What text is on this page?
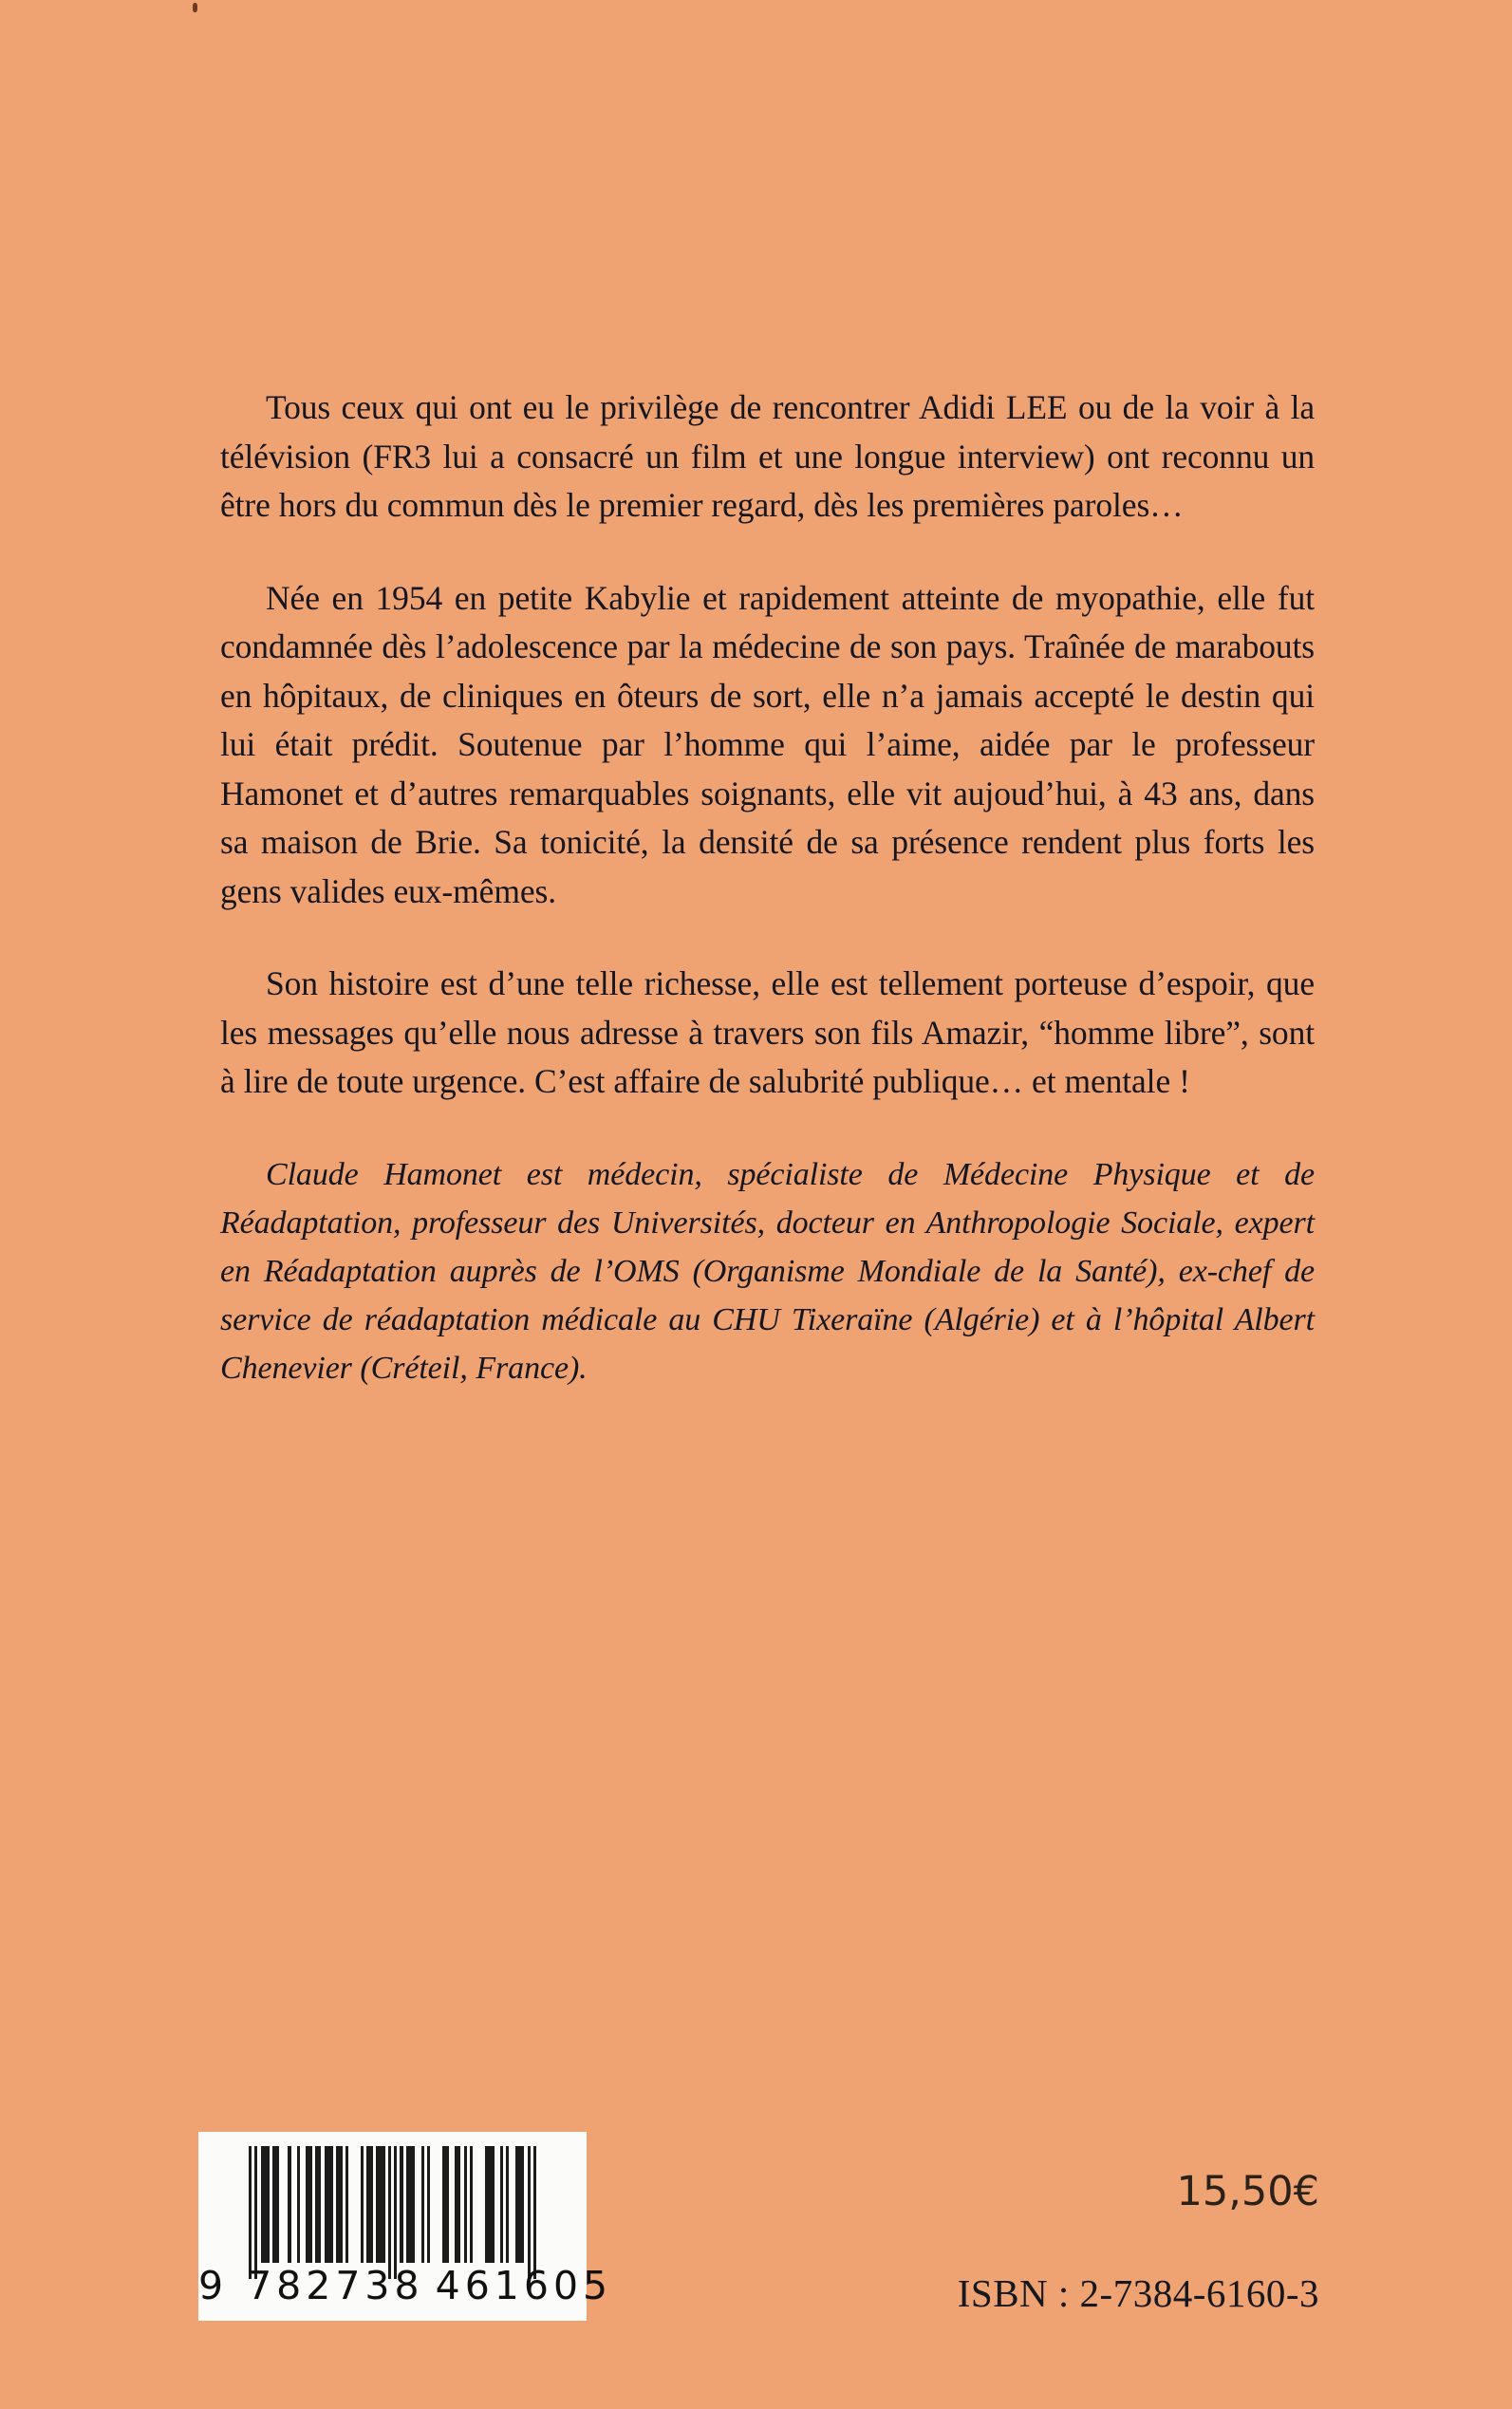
Tous ceux qui ont eu le privilège de rencontrer Adidi LEE ou de la voir à la télévision (FR3 lui a consacré un film et une longue interview) ont reconnu un être hors du commun dès le premier regard, dès les premières paroles…

Née en 1954 en petite Kabylie et rapidement atteinte de myopathie, elle fut condamnée dès l’adolescence par la médecine de son pays. Traînée de marabouts en hôpitaux, de cliniques en ôteurs de sort, elle n’a jamais accepté le destin qui lui était prédit. Soutenue par l’homme qui l’aime, aidée par le professeur Hamonet et d’autres remarquables soignants, elle vit aujoud’hui, à 43 ans, dans sa maison de Brie. Sa tonicité, la densité de sa présence rendent plus forts les gens valides eux-mêmes.

Son histoire est d’une telle richesse, elle est tellement porteuse d’espoir, que les messages qu’elle nous adresse à travers son fils Amazir, “homme libre”, sont à lire de toute urgence. C’est affaire de salubrité publique… et mentale !

Claude Hamonet est médecin, spécialiste de Médecine Physique et de Réadaptation, professeur des Universités, docteur en Anthropologie Sociale, expert en Réadaptation auprès de l’OMS (Organisme Mondiale de la Santé), ex-chef de service de réadaptation médicale au CHU Tixeraïne (Algérie) et à l’hôpital Albert Chenevier (Créteil, France).

9 782738 461605
15,50€
ISBN : 2-7384-6160-3
